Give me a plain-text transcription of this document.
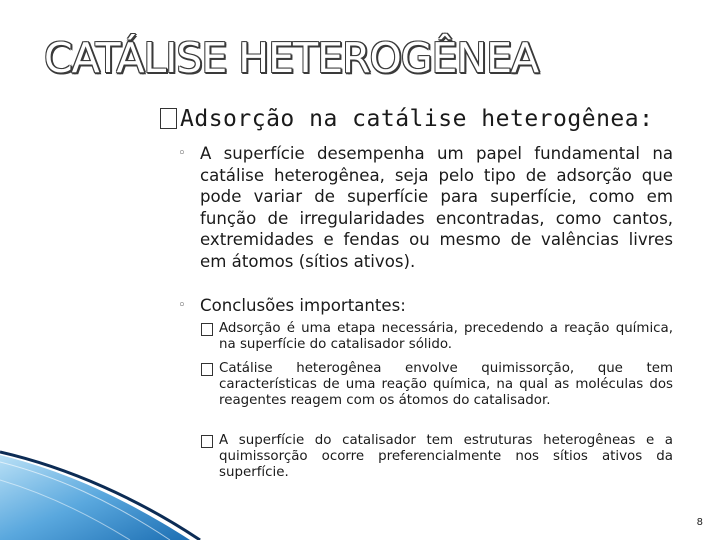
CATÁLISE HETEROGÊNEA
Adsorção na catálise heterogênea:
◦ A superfície desempenha um papel fundamental na catálise heterogênea, seja pelo tipo de adsorção que pode variar de superfície para superfície, como em função de irregularidades encontradas, como cantos, extremidades e fendas ou mesmo de valências livres em átomos (sítios ativos).
◦ Conclusões importantes:
Adsorção é uma etapa necessária, precedendo a reação química, na superfície do catalisador sólido.
Catálise heterogênea envolve quimissorção, que tem características de uma reação química, na qual as moléculas dos reagentes reagem com os átomos do catalisador.
A superfície do catalisador tem estruturas heterogêneas e a quimissorção ocorre preferencialmente nos sítios ativos da superfície.
8
